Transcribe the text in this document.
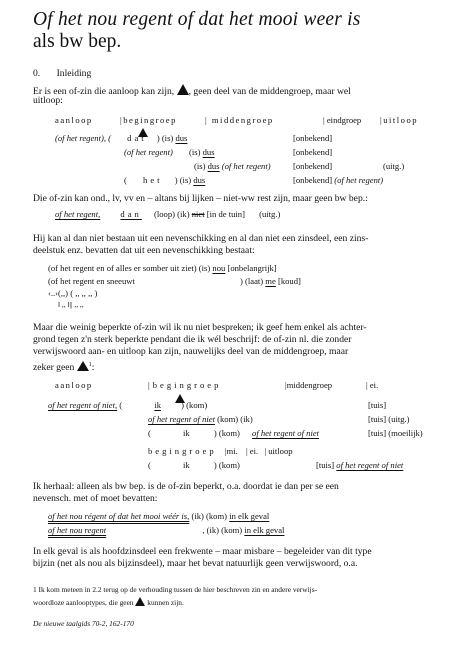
Of het nou regent of dat het mooi weer is
als bw bep.
0. Inleiding
Er is een of-zin die aanloop kan zijn, , geen deel van de middengroep, maar wel
uitloop:
aanloop	|begingroep	| middengroep	| eindgroep |uitloop
(of het regent), ( dat ) (is) dus	[onbekend]
(of het regent) (is) dus	[onbekend]
(is) dus (of het regent)	[onbekend]	(uitg.)
( het ) (is) dus	[onbekend] (of het regent)
Die of-zin kan ond., lv, vv en – altans bij lijken – niet-ww rest zijn, maar geen bw bep.:
of het regent, dan (loop) (ik) niet [in de tuin] (uitg.)
Hij kan al dan niet bestaan uit een nevenschikking en al dan niet een zinsdeel, een zins-
deelstuk enz. bevatten dat uit een nevenschikking bestaat:
(of het regent en of alles er somber uit ziet) (is) nou [onbelangrijk]
(of het regent en sneeuwt	) (laat) me [koud]
‹..›(,,) ( ,, ,, ,, )
‖ ,, ‖|| ,, ,,
Maar die weinig beperkte of-zin wil ik nu niet bespreken; ik geef hem enkel als achter-
grond tegen z'n sterk beperkte pendant die ik wél beschrijf: de of-zin nl. die zonder
verwijswoord aan- en uitloop kan zijn, nauwelijks deel van de middengroep, maar
zeker geen $^1$:
aanloop	|begingroep	|middengroep	| ei.
of het regent of niet, (	ik ) (kom)	[tuis]
of het regent of niet (kom) (ik)	[tuis] (uitg.)
(	ik	) (kom) of het regent of niet	[tuis] (moeilijk)
begingroep |mi. | ei. | uitloop
(	ik	) (kom)	[tuis] of het regent of niet
Ik herhaal: alleen als bw bep. is de of-zin beperkt, o.a. doordat ie dan per se een
nevensch. met of moet bevatten:
of het nou régent of dat het mooi wéér is, (ik) (kom) in elk geval
of het nou regent	, (ik) (kom) in elk geval
In elk geval is als hoofdzinsdeel een frekwente – maar misbare – begeleider van dit type
bijzin (net als nou als bijzinsdeel), maar het bevat natuurlijk geen verwijswoord, o.a.
1 Ik kom meteen in 2.2 terug op de verhouding tussen de hier beschreven zin en andere verwijs-
woordloze aanlooptypes, die geen kunnen zijn.
De nieuwe taalgids 70-2, 162-170
